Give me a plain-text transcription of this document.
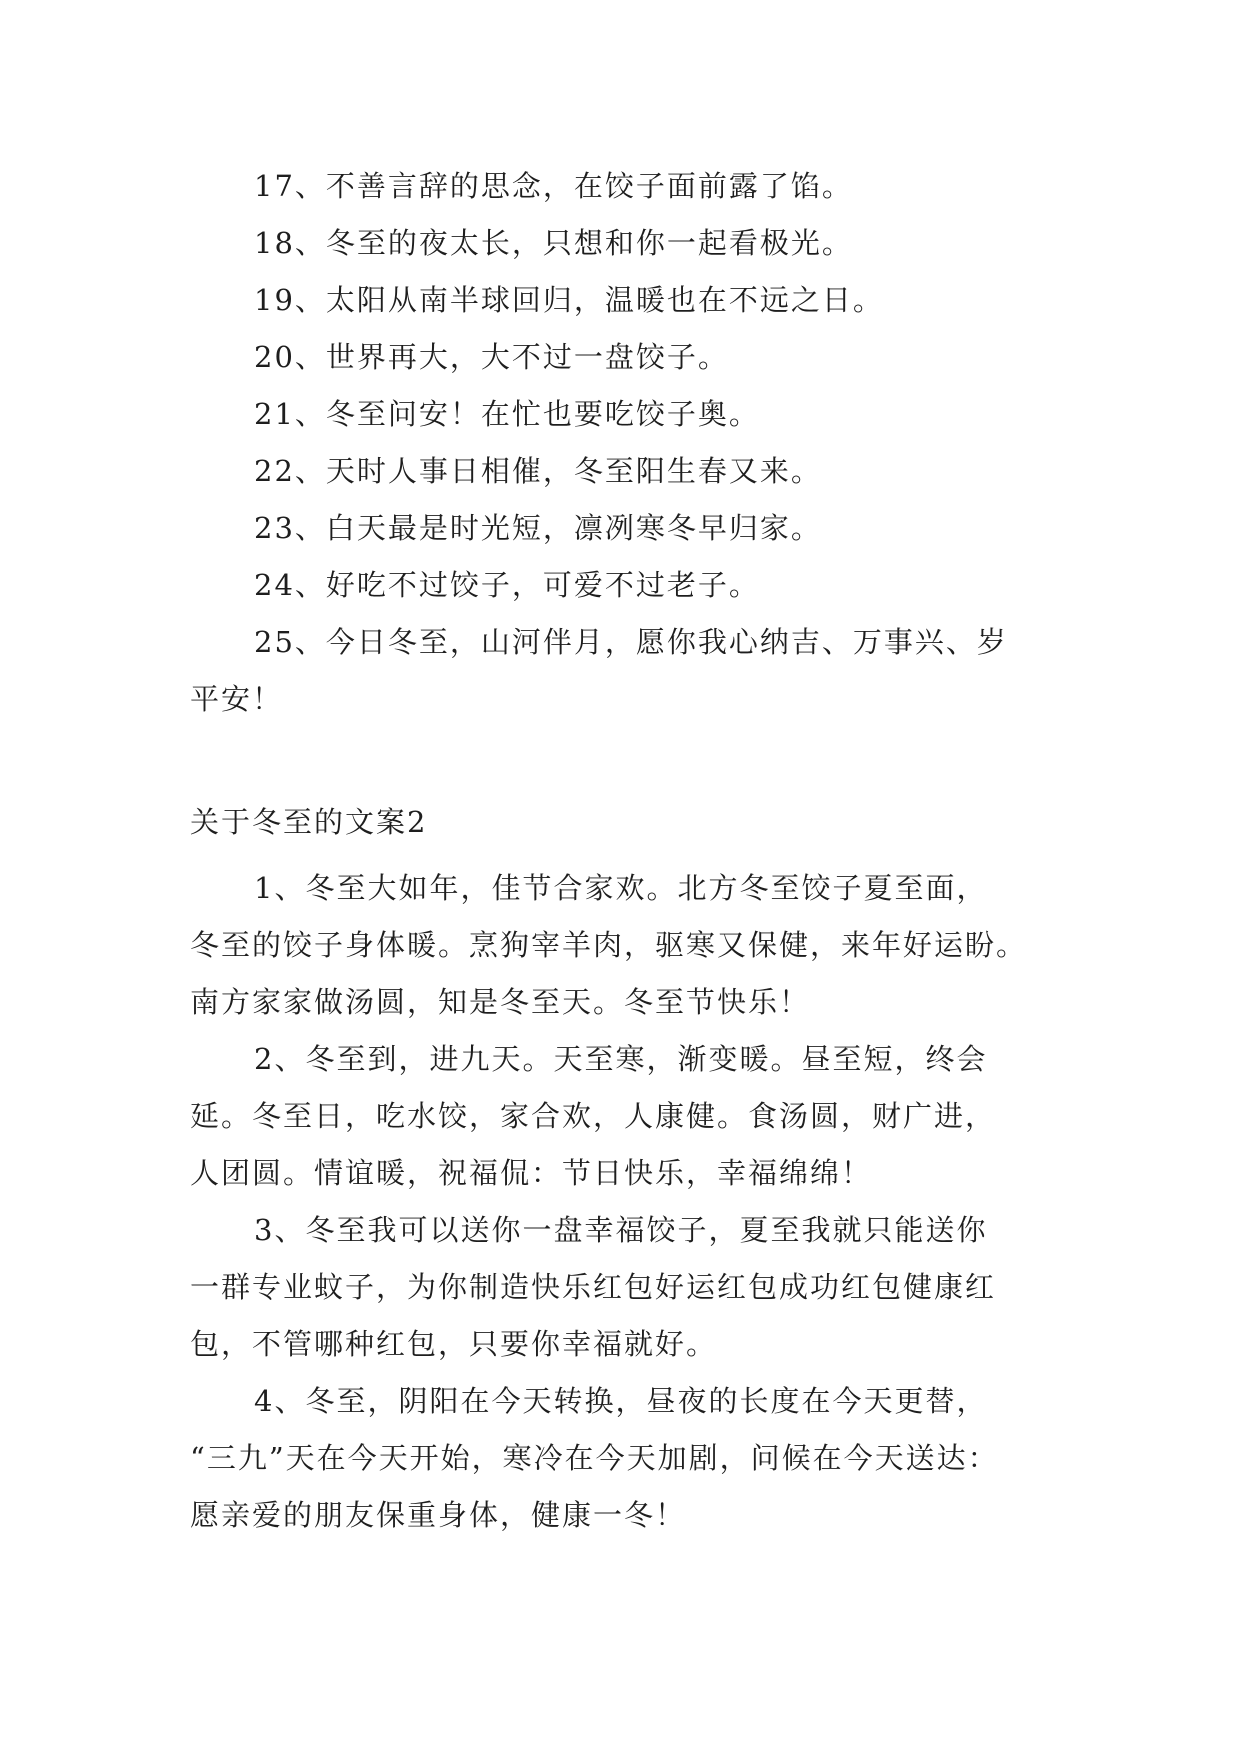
17、不善言辞的思念，在饺子面前露了馅。

18、冬至的夜太长，只想和你一起看极光。

19、太阳从南半球回归，温暖也在不远之日。

20、世界再大，大不过一盘饺子。

21、冬至问安！在忙也要吃饺子奥。

22、天时人事日相催，冬至阳生春又来。

23、白天最是时光短，凛冽寒冬早归家。

24、好吃不过饺子，可爱不过老子。

25、今日冬至，山河伴月，愿你我心纳吉、万事兴、岁
平安！

关于冬至的文案2

1、冬至大如年，佳节合家欢。北方冬至饺子夏至面，
冬至的饺子身体暖。烹狗宰羊肉，驱寒又保健，来年好运盼。
南方家家做汤圆，知是冬至天。冬至节快乐！

2、冬至到，进九天。天至寒，渐变暖。昼至短，终会
延。冬至日，吃水饺，家合欢，人康健。食汤圆，财广进，
人团圆。情谊暖，祝福侃：节日快乐，幸福绵绵！

3、冬至我可以送你一盘幸福饺子，夏至我就只能送你
一群专业蚊子，为你制造快乐红包好运红包成功红包健康红
包，不管哪种红包，只要你幸福就好。

4、冬至，阴阳在今天转换，昼夜的长度在今天更替，
“三九”天在今天开始，寒冷在今天加剧，问候在今天送达：
愿亲爱的朋友保重身体，健康一冬！
